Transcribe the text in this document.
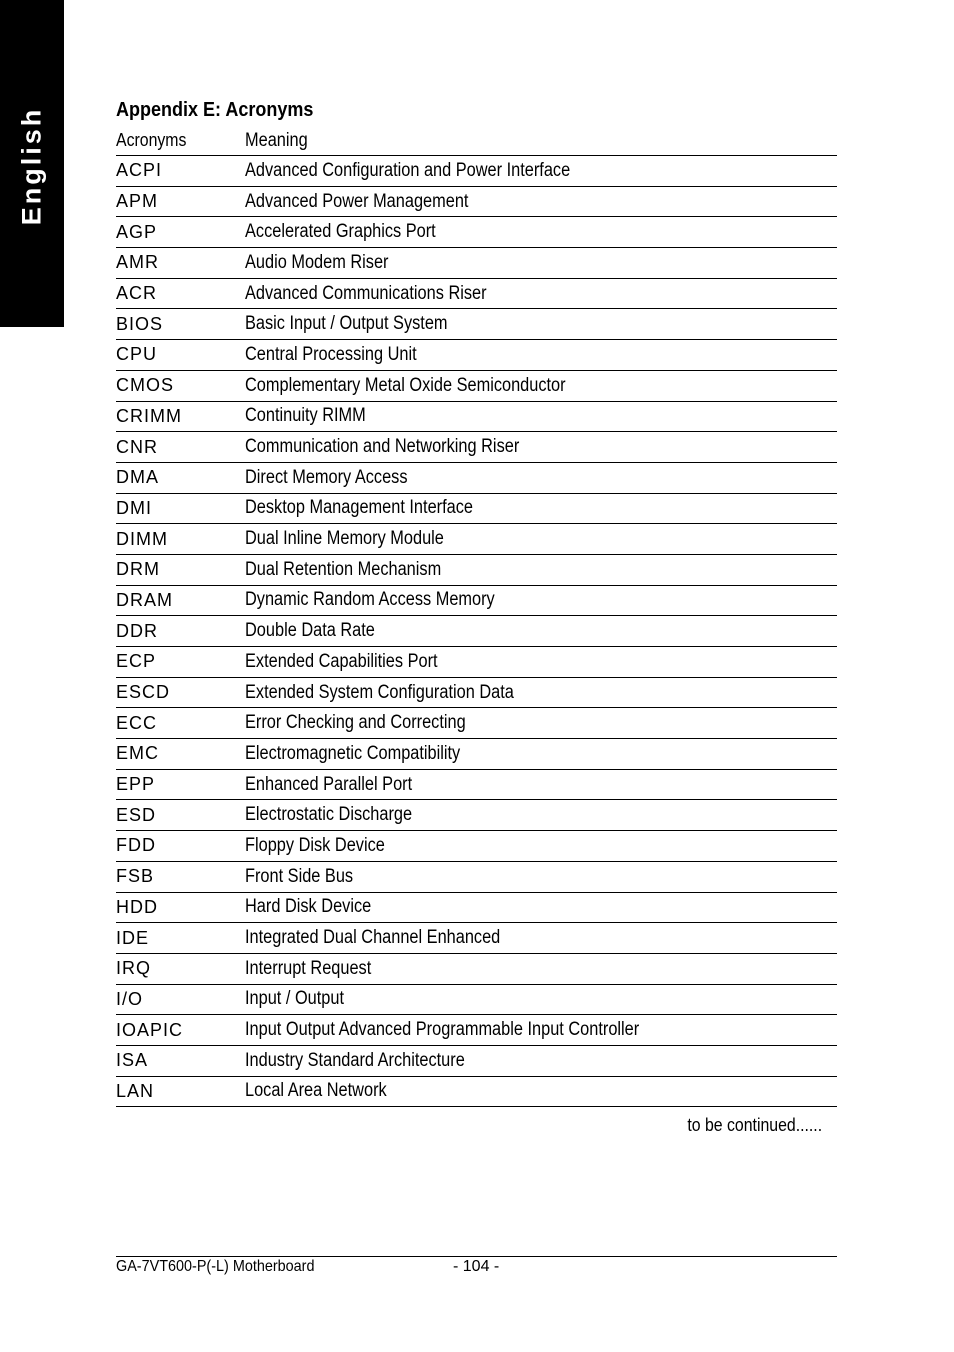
English	Appendix E: Acronyms
Acronyms	Meaning
ACPI	Advanced Configuration and Power Interface
APM	Advanced Power Management
AGP	Accelerated Graphics Port
AMR	Audio Modem Riser
ACR	Advanced Communications Riser
BIOS	Basic Input / Output System
CPU	Central Processing Unit
CMOS	Complementary Metal Oxide Semiconductor
CRIMM	Continuity RIMM
CNR	Communication and Networking Riser
DMA	Direct Memory Access
DMI	Desktop Management Interface
DIMM	Dual Inline Memory Module
DRM	Dual Retention Mechanism
DRAM	Dynamic Random Access Memory
DDR	Double Data Rate
ECP	Extended Capabilities Port
ESCD	Extended System Configuration Data
ECC	Error Checking and Correcting
EMC	Electromagnetic Compatibility
EPP	Enhanced Parallel Port
ESD	Electrostatic Discharge
FDD	Floppy Disk Device
FSB	Front Side Bus
HDD	Hard Disk Device
IDE	Integrated Dual Channel Enhanced
IRQ	Interrupt Request
I/O	Input / Output
IOAPIC	Input Output Advanced Programmable Input Controller
ISA	Industry Standard Architecture
LAN	Local Area Network
to be continued......
GA-7VT600-P(-L) Motherboard	- 104 -
